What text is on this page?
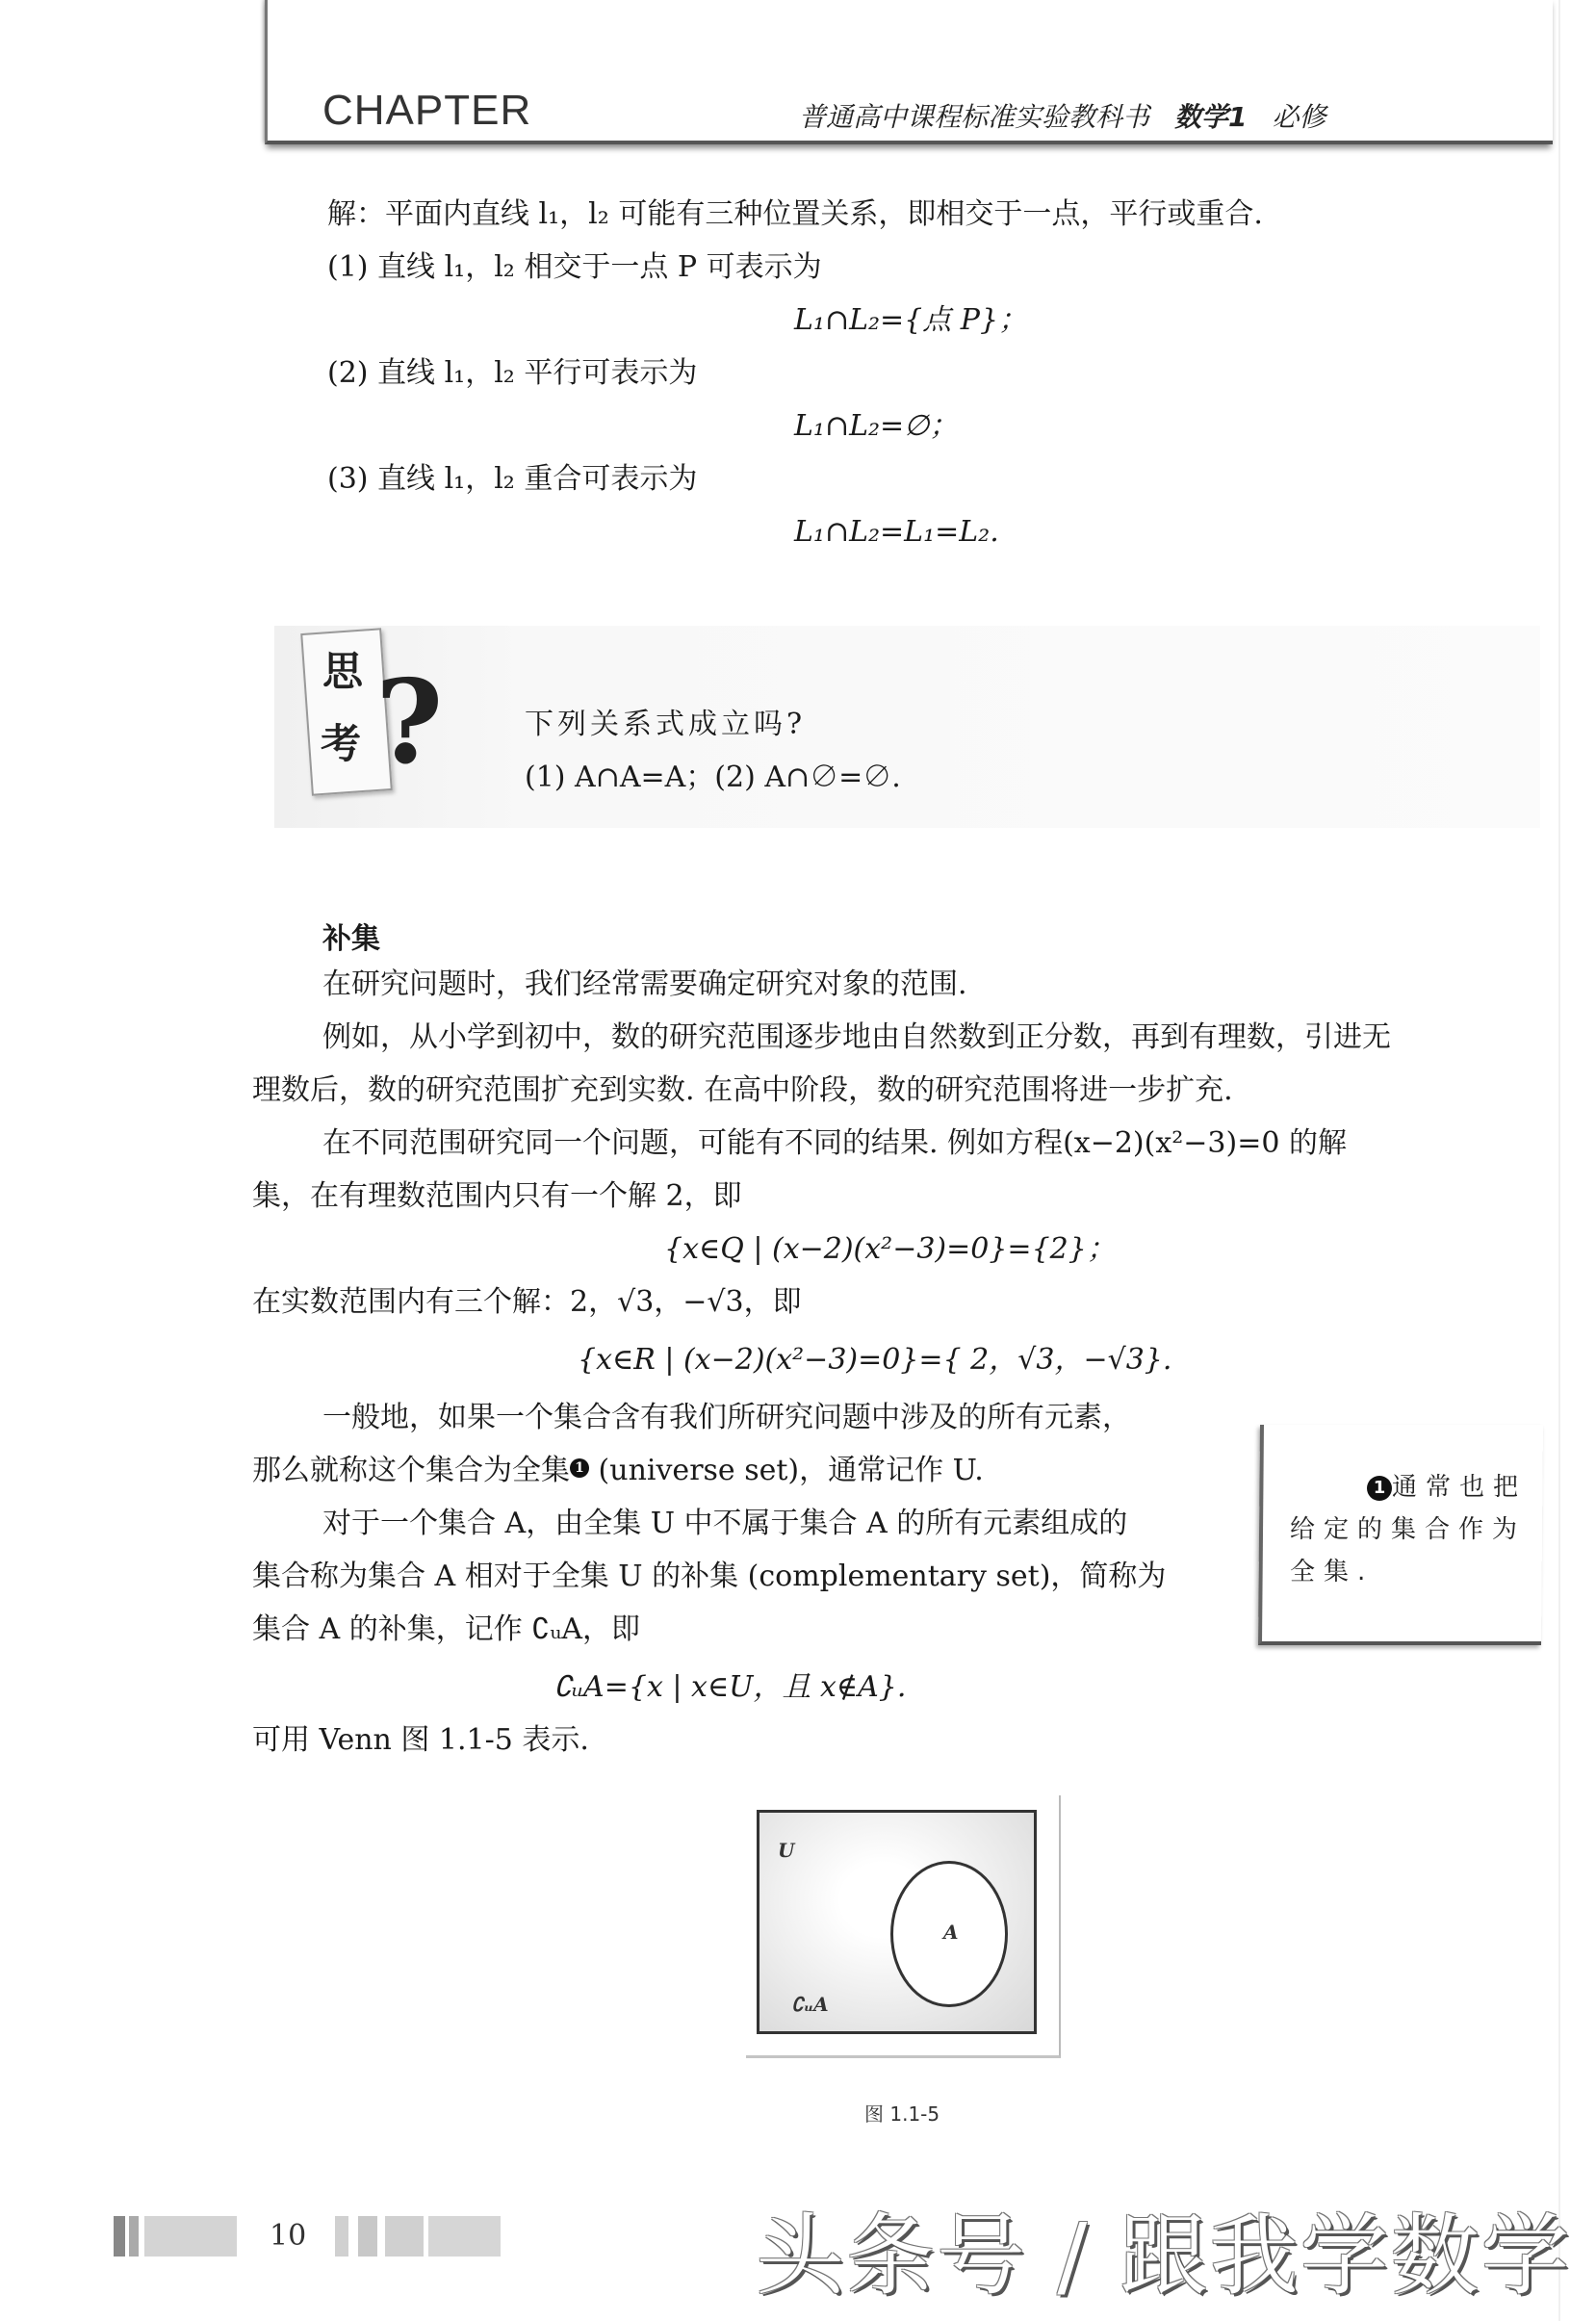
CHAPTER	普通高中课程标准实验教科书 数学1 必修
解：平面内直线 l₁，l₂ 可能有三种位置关系，即相交于一点，平行或重合.
(1) 直线 l₁，l₂ 相交于一点 P 可表示为
L₁∩L₂={点 P}；
(2) 直线 l₁，l₂ 平行可表示为
L₁∩L₂=∅；
(3) 直线 l₁，l₂ 重合可表示为
L₁∩L₂=L₁=L₂.
思
考 ?	下列关系式成立吗?
(1) A∩A=A；(2) A∩∅=∅.
补集
在研究问题时，我们经常需要确定研究对象的范围.
例如，从小学到初中，数的研究范围逐步地由自然数到正分数，再到有理数，引进无
理数后，数的研究范围扩充到实数. 在高中阶段，数的研究范围将进一步扩充.
在不同范围研究同一个问题，可能有不同的结果. 例如方程(x−2)(x²−3)=0 的解
集，在有理数范围内只有一个解 2，即
{x∈Q | (x−2)(x²−3)=0}={2}；
在实数范围内有三个解：2，√3，−√3，即
{x∈R | (x−2)(x²−3)=0}={ 2，√3，−√3}.
一般地，如果一个集合含有我们所研究问题中涉及的所有元素，
那么就称这个集合为全集 1 (universe set)，通常记作 U.
对于一个集合 A，由全集 U 中不属于集合 A 的所有元素组成的
集合称为集合 A 相对于全集 U 的补集 (complementary set)，简称为
集合 A 的补集，记作 ∁ᵤA，即
∁ᵤA={x | x∈U，且 x∉A}.
可用 Venn 图 1.1-5 表示.
1 通常也把
给定的集合作为
全集.
U
A
∁ᵤA
图 1.1-5
10	头条号 / 跟我学数学
